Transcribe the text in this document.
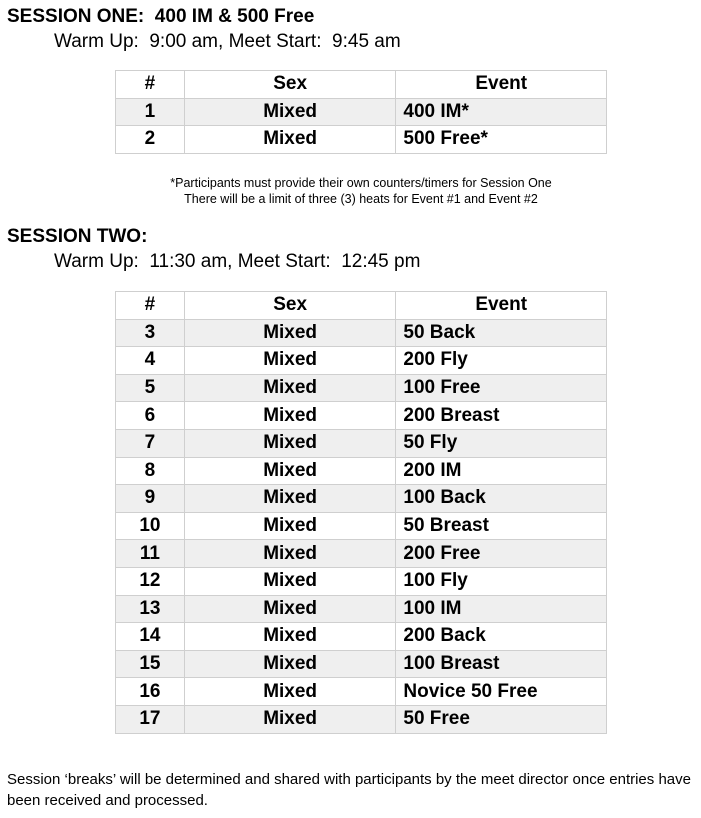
SESSION ONE:  400 IM & 500 Free

Warm Up:  9:00 am, Meet Start:  9:45 am

#	Sex	Event
1	Mixed	400 IM*
2	Mixed	500 Free*

*Participants must provide their own counters/timers for Session One

There will be a limit of three (3) heats for Event #1 and Event #2

SESSION TWO:

Warm Up:  11:30 am, Meet Start:  12:45 pm

#	Sex	Event
3	Mixed	50 Back
4	Mixed	200 Fly
5	Mixed	100 Free
6	Mixed	200 Breast
7	Mixed	50 Fly
8	Mixed	200 IM
9	Mixed	100 Back
10	Mixed	50 Breast
11	Mixed	200 Free
12	Mixed	100 Fly
13	Mixed	100 IM
14	Mixed	200 Back
15	Mixed	100 Breast
16	Mixed	Novice 50 Free
17	Mixed	50 Free

Session ‘breaks’ will be determined and shared with participants by the meet director once entries have been received and processed.
